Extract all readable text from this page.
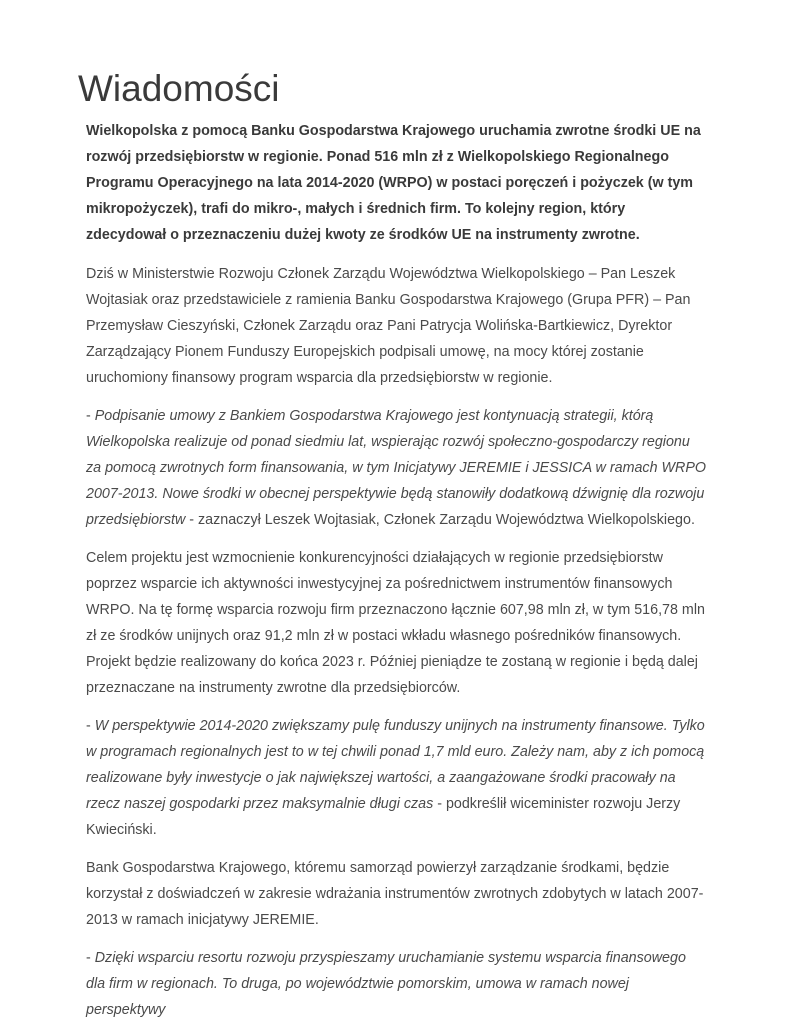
Wiadomości

Wielkopolska z pomocą Banku Gospodarstwa Krajowego uruchamia zwrotne środki UE na rozwój przedsiębiorstw w regionie. Ponad 516 mln zł z Wielkopolskiego Regionalnego Programu Operacyjnego na lata 2014-2020 (WRPO) w postaci poręczeń i pożyczek (w tym mikropożyczek), trafi do mikro-, małych i średnich firm. To kolejny region, który zdecydował o przeznaczeniu dużej kwoty ze środków UE na instrumenty zwrotne.

Dziś w Ministerstwie Rozwoju Członek Zarządu Województwa Wielkopolskiego – Pan Leszek Wojtasiak oraz przedstawiciele z ramienia Banku Gospodarstwa Krajowego (Grupa PFR) – Pan Przemysław Cieszyński, Członek Zarządu oraz Pani Patrycja Wolińska-Bartkiewicz, Dyrektor Zarządzający Pionem Funduszy Europejskich podpisali umowę, na mocy której zostanie uruchomiony finansowy program wsparcia dla przedsiębiorstw w regionie.

- Podpisanie umowy z Bankiem Gospodarstwa Krajowego jest kontynuacją strategii, którą Wielkopolska realizuje od ponad siedmiu lat, wspierając rozwój społeczno-gospodarczy regionu za pomocą zwrotnych form finansowania, w tym Inicjatywy JEREMIE i JESSICA w ramach WRPO 2007-2013. Nowe środki w obecnej perspektywie będą stanowiły dodatkową dźwignię dla rozwoju przedsiębiorstw - zaznaczył Leszek Wojtasiak, Członek Zarządu Województwa Wielkopolskiego.

Celem projektu jest wzmocnienie konkurencyjności działających w regionie przedsiębiorstw poprzez wsparcie ich aktywności inwestycyjnej za pośrednictwem instrumentów finansowych WRPO. Na tę formę wsparcia rozwoju firm przeznaczono łącznie 607,98 mln zł, w tym 516,78 mln zł ze środków unijnych oraz 91,2 mln zł w postaci wkładu własnego pośredników finansowych. Projekt będzie realizowany do końca 2023 r. Później pieniądze te zostaną w regionie i będą dalej przeznaczane na instrumenty zwrotne dla przedsiębiorców.

- W perspektywie 2014-2020 zwiększamy pulę funduszy unijnych na instrumenty finansowe. Tylko w programach regionalnych jest to w tej chwili ponad 1,7 mld euro. Zależy nam, aby z ich pomocą realizowane były inwestycje o jak największej wartości, a zaangażowane środki pracowały na rzecz naszej gospodarki przez maksymalnie długi czas - podkreślił wiceminister rozwoju Jerzy Kwieciński.

Bank Gospodarstwa Krajowego, któremu samorząd powierzył zarządzanie środkami, będzie korzystał z doświadczeń w zakresie wdrażania instrumentów zwrotnych zdobytych w latach 2007-2013 w ramach inicjatywy JEREMIE.

- Dzięki wsparciu resortu rozwoju przyspieszamy uruchamianie systemu wsparcia finansowego dla firm w regionach. To druga, po województwie pomorskim, umowa w ramach nowej perspektywy
